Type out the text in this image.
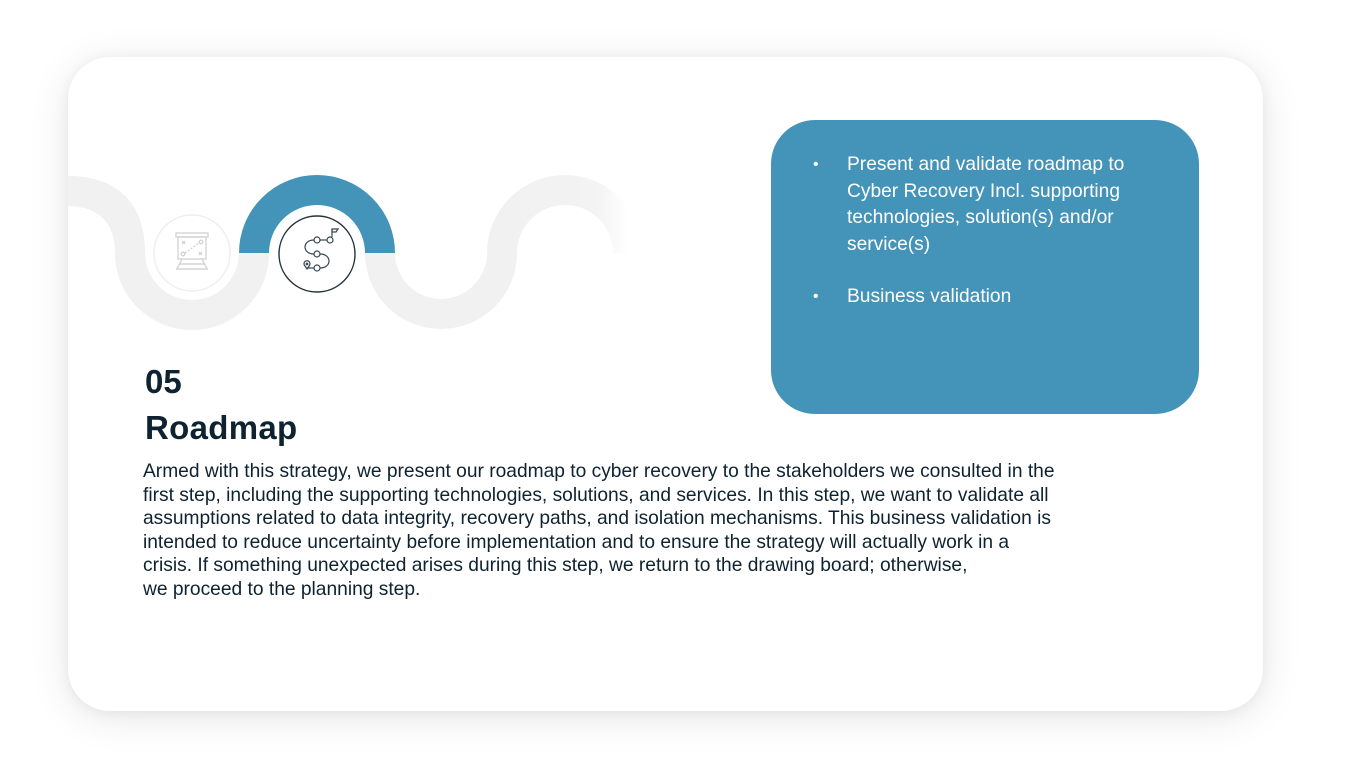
05
Roadmap

Armed with this strategy, we present our roadmap to cyber recovery to the stakeholders we consulted in the
first step, including the supporting technologies, solutions, and services. In this step, we want to validate all
assumptions related to data integrity, recovery paths, and isolation mechanisms. This business validation is
intended to reduce uncertainty before implementation and to ensure the strategy will actually work in a
crisis. If something unexpected arises during this step, we return to the drawing board; otherwise,
we proceed to the planning step.

• Present and validate roadmap to Cyber Recovery Incl. supporting technologies, solution(s) and/or service(s)
• Business validation
